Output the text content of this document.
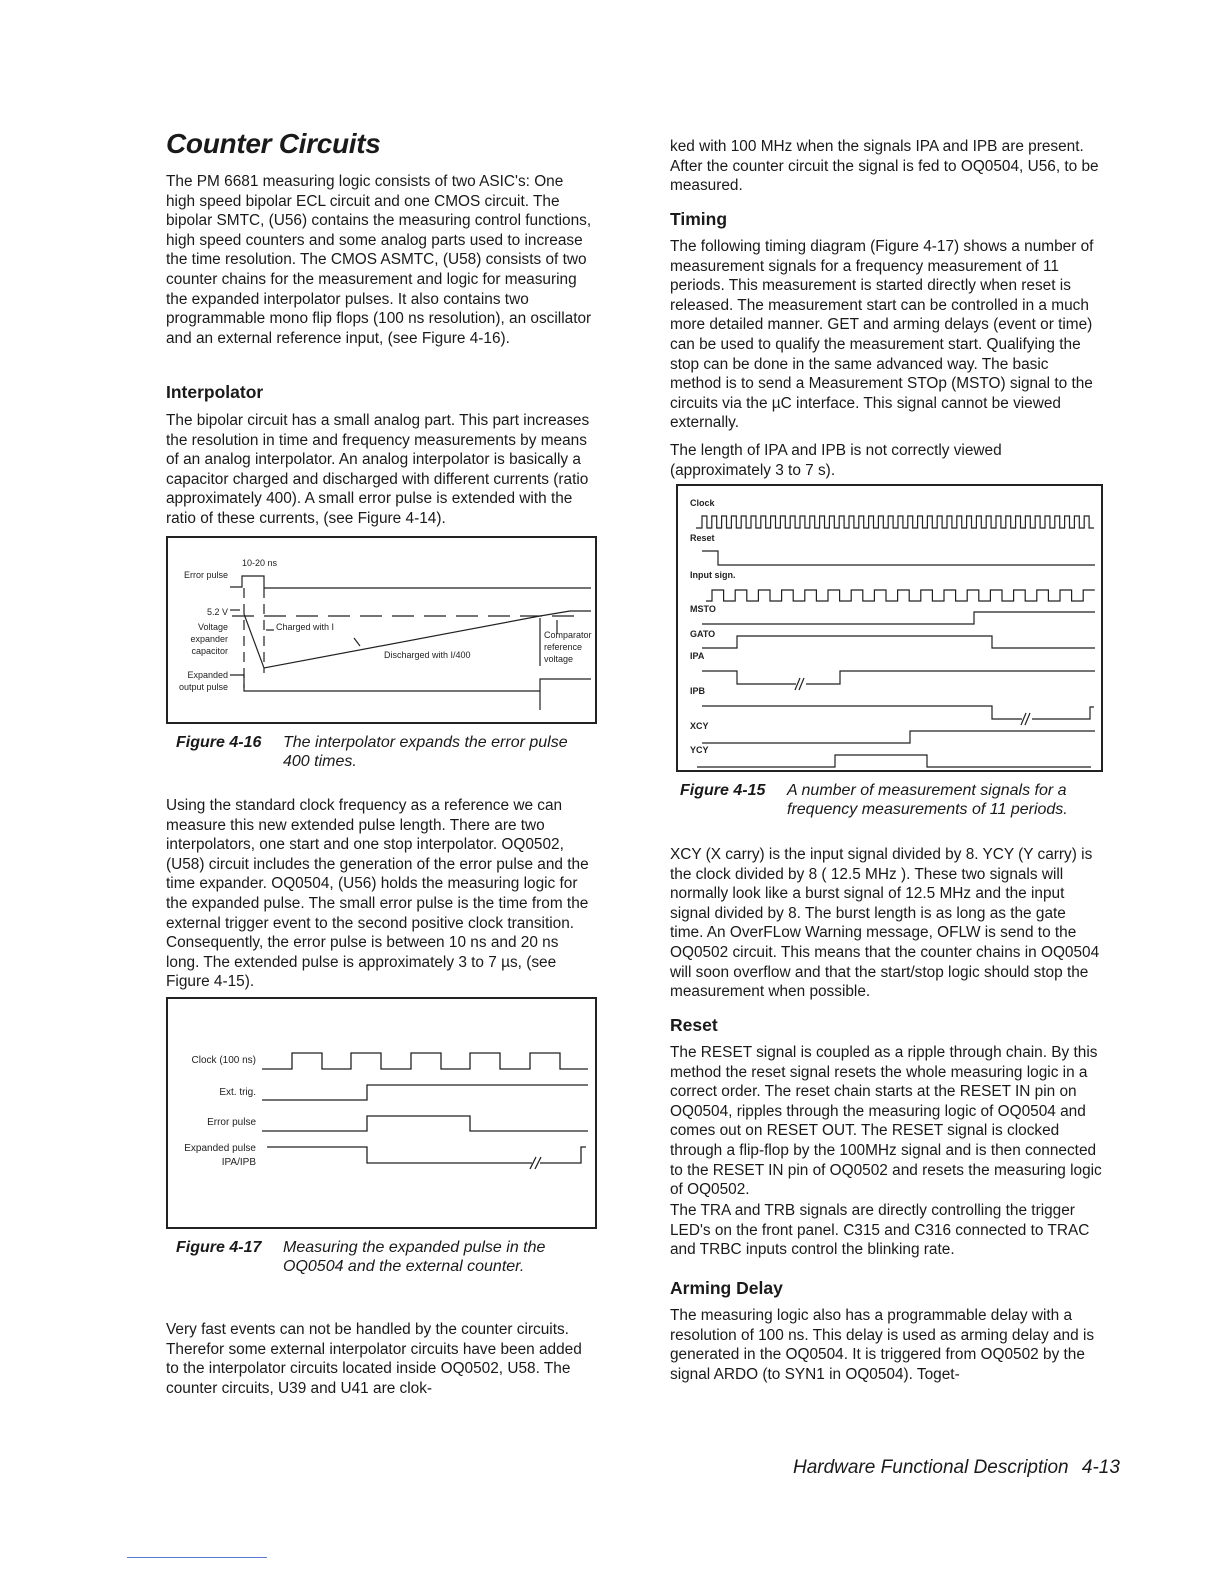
Counter Circuits

The PM 6681 measuring logic consists of two ASIC's: One high speed bipolar ECL circuit and one CMOS circuit. The bipolar SMTC, (U56) contains the measuring control functions, high speed counters and some analog parts used to increase the time resolution. The CMOS ASMTC, (U58) consists of two counter chains for the measurement and logic for measuring the expanded interpolator pulses. It also contains two programmable mono flip flops (100 ns resolution), an oscillator and an external reference input, (see Figure 4-16).

Interpolator

The bipolar circuit has a small analog part. This part increases the resolution in time and frequency measurements by means of an analog interpolator. An analog interpolator is basically a capacitor charged and discharged with different currents (ratio approximately 400). A small error pulse is extended with the ratio of these currents, (see Figure 4-14).

10-20 ns
Error pulse
5.2 V
Voltage
expander
capacitor
Charged with I
Discharged with I/400
Comparator
reference
voltage
Expanded
output pulse
Figure 4-16 The interpolator expands the error pulse 400 times.

Using the standard clock frequency as a reference we can measure this new extended pulse length. There are two interpolators, one start and one stop interpolator. OQ0502, (U58) circuit includes the generation of the error pulse and the time expander. OQ0504, (U56) holds the measuring logic for the expanded pulse. The small error pulse is the time from the external trigger event to the second positive clock transition. Consequently, the error pulse is between 10 ns and 20 ns long. The extended pulse is approximately 3 to 7 µs, (see Figure 4-15).

Clock (100 ns)
Ext. trig.
Error pulse
Expanded pulse
IPA/IPB
Figure 4-17 Measuring the expanded pulse in the OQ0504 and the external counter.

Very fast events can not be handled by the counter circuits. Therefor some external interpolator circuits have been added to the interpolator circuits located inside OQ0502, U58. The counter circuits, U39 and U41 are clok-

ked with 100 MHz when the signals IPA and IPB are present. After the counter circuit the signal is fed to OQ0504, U56, to be measured.

Timing

The following timing diagram (Figure 4-17) shows a number of measurement signals for a frequency measurement of 11 periods. This measurement is started directly when reset is released. The measurement start can be controlled in a much more detailed manner. GET and arming delays (event or time) can be used to qualify the measurement start. Qualifying the stop can be done in the same advanced way. The basic method is to send a Measurement STOp (MSTO) signal to the circuits via the µC interface. This signal cannot be viewed externally.

The length of IPA and IPB is not correctly viewed (approximately 3 to 7 s).

Clock
Reset
Input sign.
MSTO
GATO
IPA
IPB
XCY
YCY
Figure 4-15 A number of measurement signals for a frequency measurements of 11 periods.

XCY (X carry) is the input signal divided by 8. YCY (Y carry) is the clock divided by 8 ( 12.5 MHz ). These two signals will normally look like a burst signal of 12.5 MHz and the input signal divided by 8. The burst length is as long as the gate time. An OverFLow Warning message, OFLW is send to the OQ0502 circuit. This means that the counter chains in OQ0504 will soon overflow and that the start/stop logic should stop the measurement when possible.

Reset

The RESET signal is coupled as a ripple through chain. By this method the reset signal resets the whole measuring logic in a correct order. The reset chain starts at the RESET IN pin on OQ0504, ripples through the measuring logic of OQ0504 and comes out on RESET OUT. The RESET signal is clocked through a flip-flop by the 100MHz signal and is then connected to the RESET IN pin of OQ0502 and resets the measuring logic of OQ0502.

The TRA and TRB signals are directly controlling the trigger LED's on the front panel. C315 and C316 connected to TRAC and TRBC inputs control the blinking rate.

Arming Delay

The measuring logic also has a programmable delay with a resolution of 100 ns. This delay is used as arming delay and is generated in the OQ0504. It is triggered from OQ0502 by the signal ARDO (to SYN1 in OQ0504). Toget-

Hardware Functional Description 4-13
